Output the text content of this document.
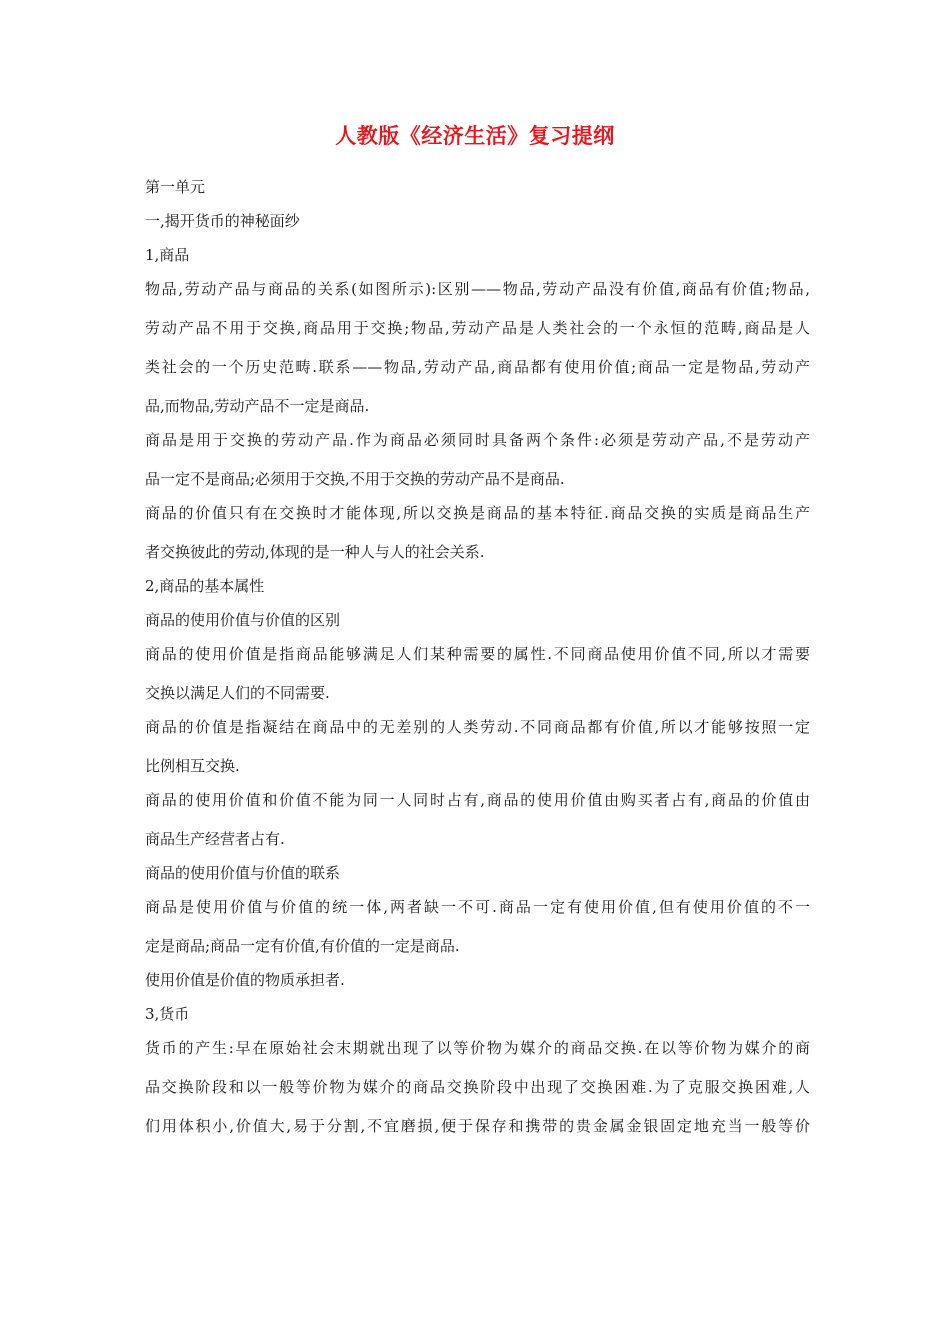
人教版《经济生活》复习提纲
第一单元
一,揭开货币的神秘面纱
1,商品
物品,劳动产品与商品的关系(如图所示):区别——物品,劳动产品没有价值,商品有价值;物品,
劳动产品不用于交换,商品用于交换;物品,劳动产品是人类社会的一个永恒的范畴,商品是人
类社会的一个历史范畴.联系——物品,劳动产品,商品都有使用价值;商品一定是物品,劳动产
品,而物品,劳动产品不一定是商品.
商品是用于交换的劳动产品.作为商品必须同时具备两个条件:必须是劳动产品,不是劳动产
品一定不是商品;必须用于交换,不用于交换的劳动产品不是商品.
商品的价值只有在交换时才能体现,所以交换是商品的基本特征.商品交换的实质是商品生产
者交换彼此的劳动,体现的是一种人与人的社会关系.
2,商品的基本属性
商品的使用价值与价值的区别
商品的使用价值是指商品能够满足人们某种需要的属性.不同商品使用价值不同,所以才需要
交换以满足人们的不同需要.
商品的价值是指凝结在商品中的无差别的人类劳动.不同商品都有价值,所以才能够按照一定
比例相互交换.
商品的使用价值和价值不能为同一人同时占有,商品的使用价值由购买者占有,商品的价值由
商品生产经营者占有.
商品的使用价值与价值的联系
商品是使用价值与价值的统一体,两者缺一不可.商品一定有使用价值,但有使用价值的不一
定是商品;商品一定有价值,有价值的一定是商品.
使用价值是价值的物质承担者.
3,货币
货币的产生:早在原始社会末期就出现了以等价物为媒介的商品交换.在以等价物为媒介的商
品交换阶段和以一般等价物为媒介的商品交换阶段中出现了交换困难.为了克服交换困难,人
们用体积小,价值大,易于分割,不宜磨损,便于保存和携带的贵金属金银固定地充当一般等价
